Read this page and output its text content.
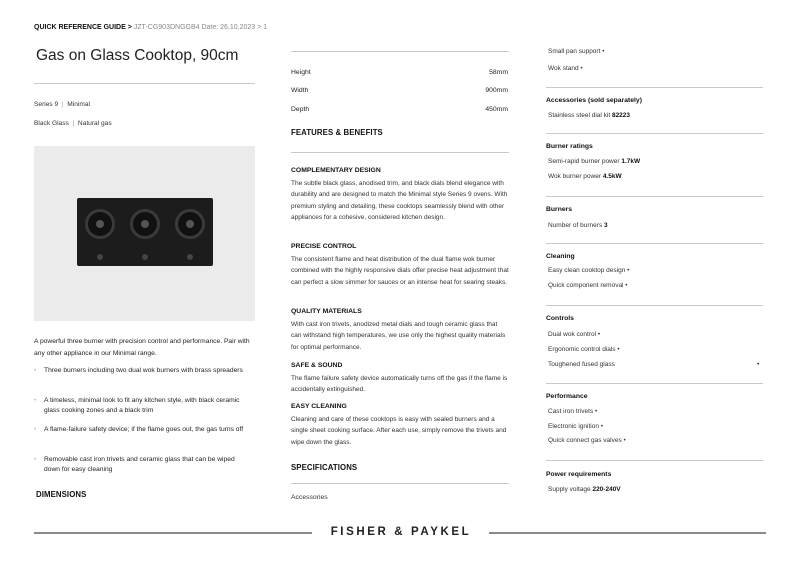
QUICK REFERENCE GUIDE > JZT-CG903DNGGB4 Date: 26.10.2023 > 1
Gas on Glass Cooktop, 90cm
Series 9  |  Minimal
Black Glass  |  Natural gas
A powerful three burner with precision control and performance. Pair with any other appliance in our Minimal range.
• Three burners including two dual wok burners with brass spreaders
• A timeless, minimal look to fit any kitchen style, with black ceramic glass cooking zones and a black trim
• A flame-failure safety device; if the flame goes out, the gas turns off
• Removable cast iron trivets and ceramic glass that can be wiped down for easy cleaning
DIMENSIONS
Height	58mm
Width	900mm
Depth	450mm
FEATURES & BENEFITS
COMPLEMENTARY DESIGN
The subtle black glass, anodised trim, and black dials blend elegance with durability and are designed to match the Minimal style Series 9 ovens. With premium styling and detailing, these cooktops seamlessly blend with other appliances for a cohesive, considered kitchen design.
PRECISE CONTROL
The consistent flame and heat distribution of the dual flame wok burner combined with the highly responsive dials offer precise heat adjustment that can perfect a slow simmer for sauces or an intense heat for searing steaks.
QUALITY MATERIALS
With cast iron trivets, anodized metal dials and tough ceramic glass that can withstand high temperatures, we use only the highest quality materials for optimal performance.
SAFE & SOUND
The flame failure safety device automatically turns off the gas if the flame is accidentally extinguished.
EASY CLEANING
Cleaning and care of these cooktops is easy with sealed burners and a single sheet cooking surface. After each use, simply remove the trivets and wipe down the glass.
SPECIFICATIONS
Accessories
Small pan support •
Wok stand •
Accessories (sold separately)
Stainless steel dial kit 82223
Burner ratings
Semi-rapid burner power 1.7kW
Wok burner power 4.5kW
Burners
Number of burners 3
Cleaning
Easy clean cooktop design •
Quick component removal •
Controls
Dual wok control •
Ergonomic control dials •
Toughened fused glass	•
Performance
Cast iron trivets •
Electronic ignition •
Quick connect gas valves •
Power requirements
Supply voltage 220-240V
FISHER & PAYKEL
